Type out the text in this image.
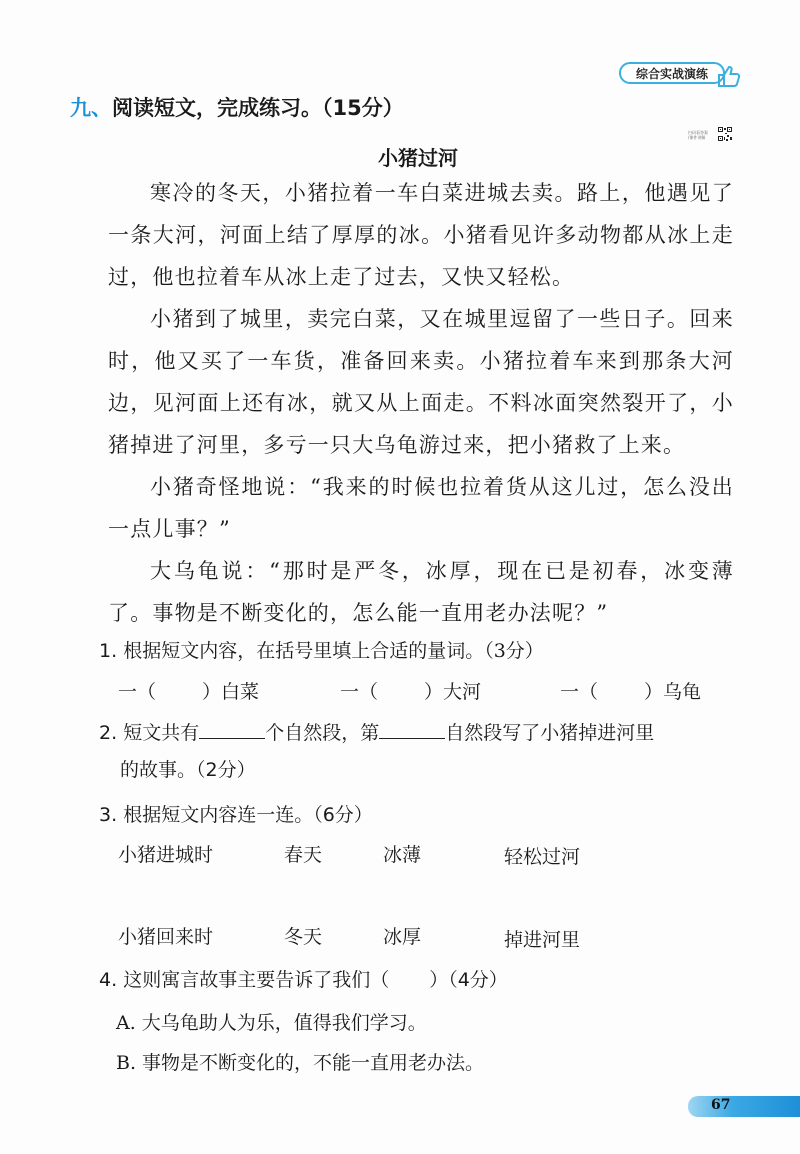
综合实战演练
九、阅读短文，完成练习。（15分）
扫码看答案
/课件讲解
小猪过河

寒冷的冬天，小猪拉着一车白菜进城去卖。路上，他遇见了一条大河，河面上结了厚厚的冰。小猪看见许多动物都从冰上走过，他也拉着车从冰上走了过去，又快又轻松。

小猪到了城里，卖完白菜，又在城里逗留了一些日子。回来时，他又买了一车货，准备回来卖。小猪拉着车来到那条大河边，见河面上还有冰，就又从上面走。不料冰面突然裂开了，小猪掉进了河里，多亏一只大乌龟游过来，把小猪救了上来。

小猪奇怪地说：“我来的时候也拉着货从这儿过，怎么没出一点儿事？”

大乌龟说：“那时是严冬，冰厚，现在已是初春，冰变薄了。事物是不断变化的，怎么能一直用老办法呢？”

1. 根据短文内容，在括号里填上合适的量词。（3分）
一（ ）白菜	一（ ）大河	一（ ）乌龟
2. 短文共有	个自然段，第	自然段写了小猪掉进河里
的故事。（2分）
3. 根据短文内容连一连。（6分）
小猪进城时	春天	冰薄	轻松过河
小猪回来时	冬天	冰厚	掉进河里
4. 这则寓言故事主要告诉了我们（ ）（4分）
A. 大乌龟助人为乐，值得我们学习。
B. 事物是不断变化的，不能一直用老办法。
67
